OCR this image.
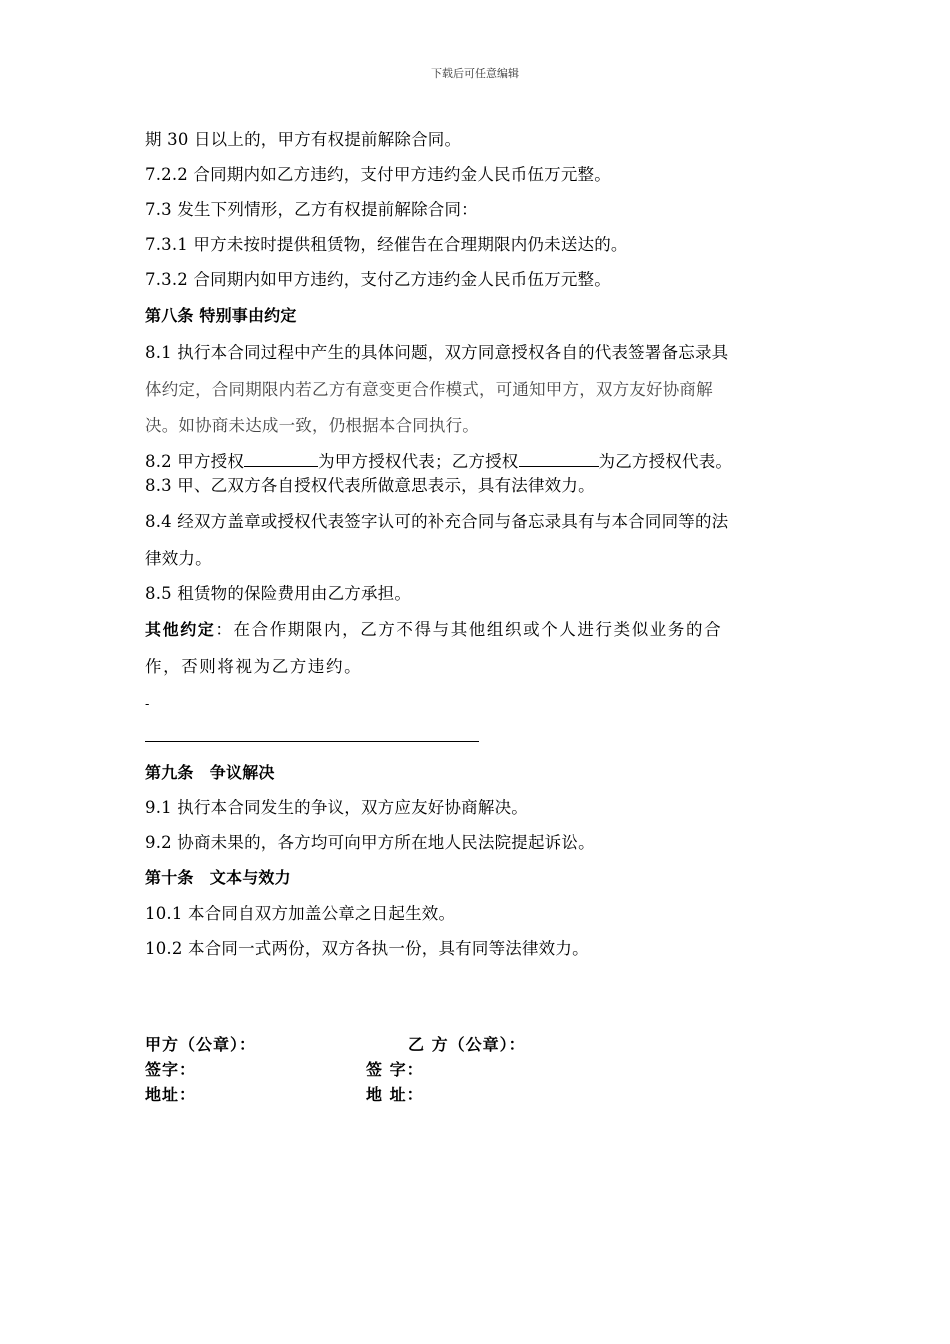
下载后可任意编辑
期 30 日以上的，甲方有权提前解除合同。
7.2.2 合同期内如乙方违约，支付甲方违约金人民币伍万元整。
7.3 发生下列情形，乙方有权提前解除合同：
7.3.1 甲方未按时提供租赁物，经催告在合理期限内仍未送达的。
7.3.2 合同期内如甲方违约，支付乙方违约金人民币伍万元整。
第八条 特别事由约定
8.1 执行本合同过程中产生的具体问题，双方同意授权各自的代表签署备忘录具
体约定，合同期限内若乙方有意变更合作模式，可通知甲方，双方友好协商解
决。如协商未达成一致，仍根据本合同执行。
8.2 甲方授权	为甲方授权代表；乙方授权	为乙方授权代表。
8.3 甲、乙双方各自授权代表所做意思表示，具有法律效力。
8.4 经双方盖章或授权代表签字认可的补充合同与备忘录具有与本合同同等的法
律效力。
8.5 租赁物的保险费用由乙方承担。
其他约定：在合作期限内，乙方不得与其他组织或个人进行类似业务的合
作，否则将视为乙方违约。
-
第九条　争议解决
9.1 执行本合同发生的争议，双方应友好协商解决。
9.2 协商未果的，各方均可向甲方所在地人民法院提起诉讼。
第十条　文本与效力
10.1 本合同自双方加盖公章之日起生效。
10.2 本合同一式两份，双方各执一份，具有同等法律效力。
甲方（公章）：	乙 方（公章）：
签字：	签 字：
地址：	地 址：
